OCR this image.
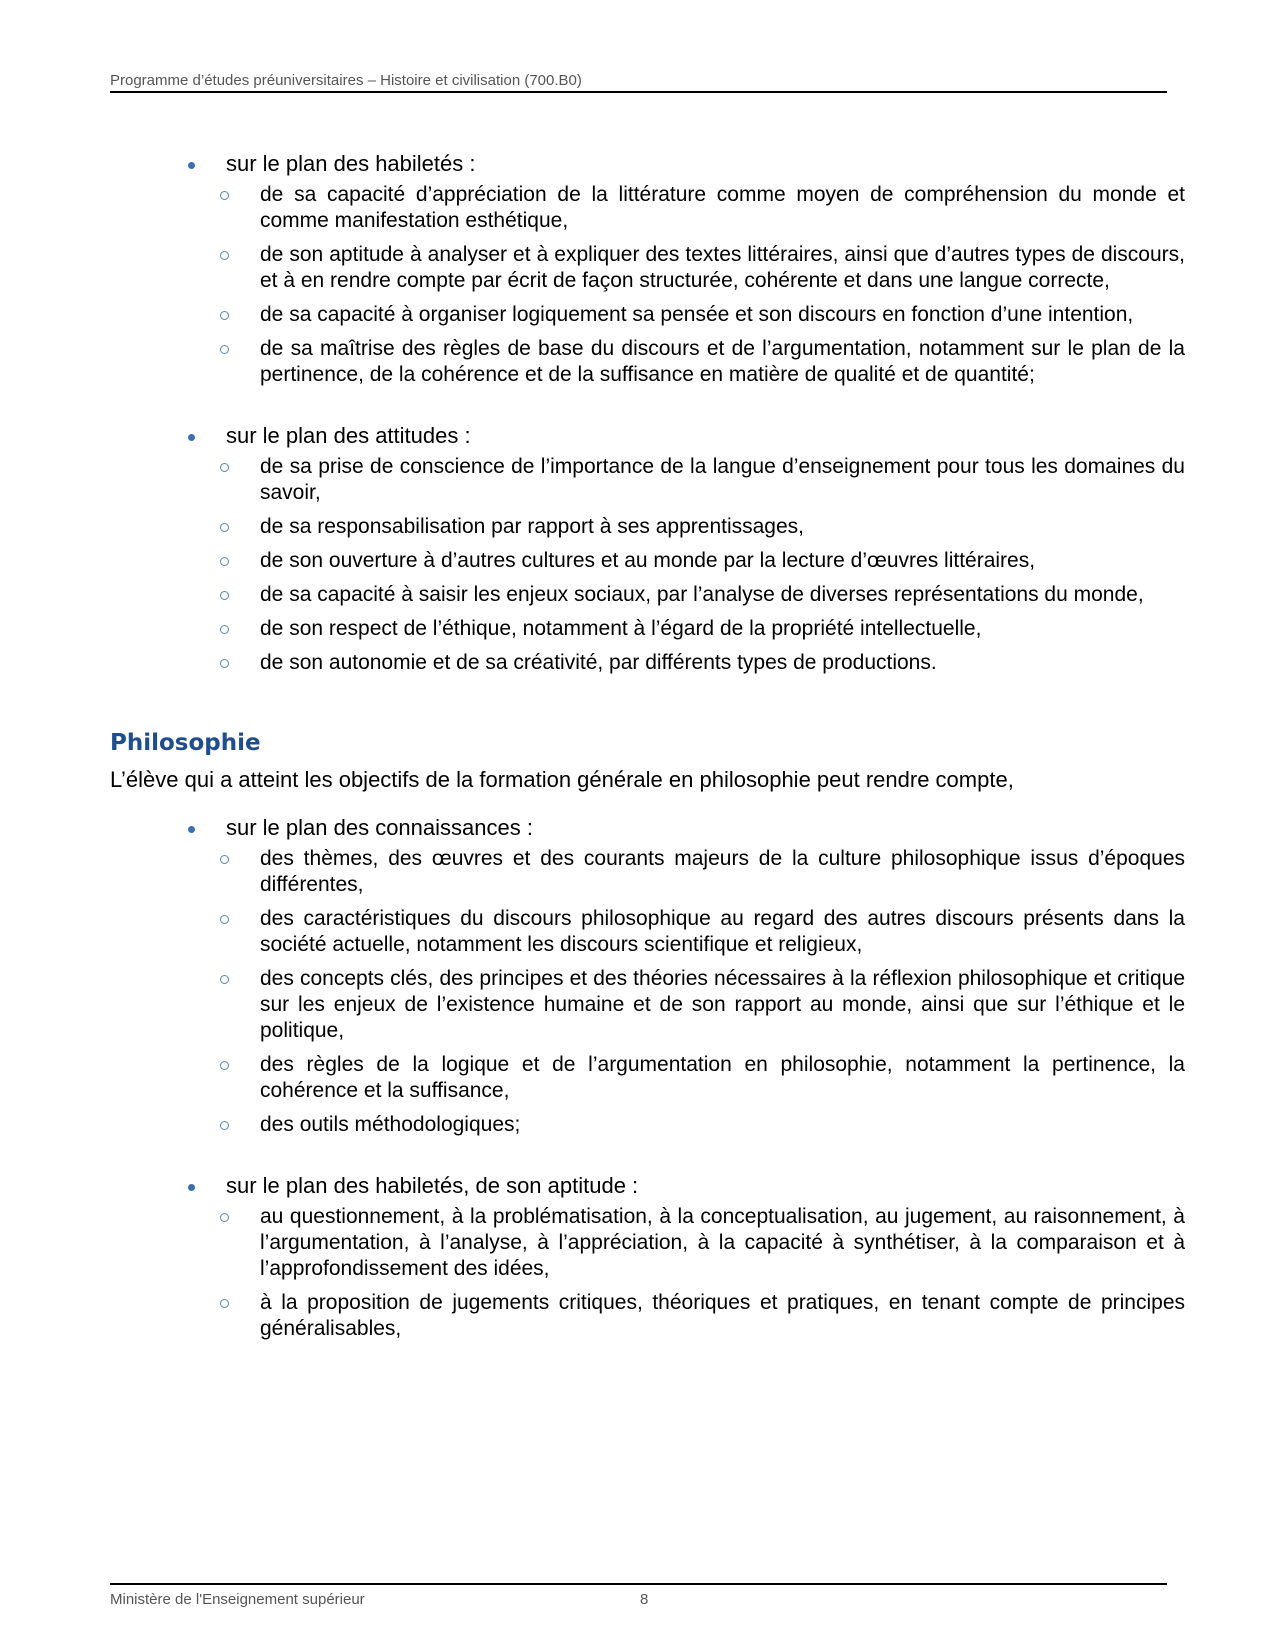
Programme d’études préuniversitaires – Histoire et civilisation (700.B0)
sur le plan des habiletés :
de sa capacité d’appréciation de la littérature comme moyen de compréhension du monde et comme manifestation esthétique,
de son aptitude à analyser et à expliquer des textes littéraires, ainsi que d’autres types de discours, et à en rendre compte par écrit de façon structurée, cohérente et dans une langue correcte,
de sa capacité à organiser logiquement sa pensée et son discours en fonction d’une intention,
de sa maîtrise des règles de base du discours et de l’argumentation, notamment sur le plan de la pertinence, de la cohérence et de la suffisance en matière de qualité et de quantité;
sur le plan des attitudes :
de sa prise de conscience de l’importance de la langue d’enseignement pour tous les domaines du savoir,
de sa responsabilisation par rapport à ses apprentissages,
de son ouverture à d’autres cultures et au monde par la lecture d’œuvres littéraires,
de sa capacité à saisir les enjeux sociaux, par l’analyse de diverses représentations du monde,
de son respect de l’éthique, notamment à l’égard de la propriété intellectuelle,
de son autonomie et de sa créativité, par différents types de productions.
Philosophie

L’élève qui a atteint les objectifs de la formation générale en philosophie peut rendre compte,

sur le plan des connaissances :
des thèmes, des œuvres et des courants majeurs de la culture philosophique issus d’époques différentes,
des caractéristiques du discours philosophique au regard des autres discours présents dans la société actuelle, notamment les discours scientifique et religieux,
des concepts clés, des principes et des théories nécessaires à la réflexion philosophique et critique sur les enjeux de l’existence humaine et de son rapport au monde, ainsi que sur l’éthique et le politique,
des règles de la logique et de l’argumentation en philosophie, notamment la pertinence, la cohérence et la suffisance,
des outils méthodologiques;
sur le plan des habiletés, de son aptitude :
au questionnement, à la problématisation, à la conceptualisation, au jugement, au raisonnement, à l’argumentation, à l’analyse, à l’appréciation, à la capacité à synthétiser, à la comparaison et à l’approfondissement des idées,
à la proposition de jugements critiques, théoriques et pratiques, en tenant compte de principes généralisables,
Ministère de l'Enseignement supérieur	8
